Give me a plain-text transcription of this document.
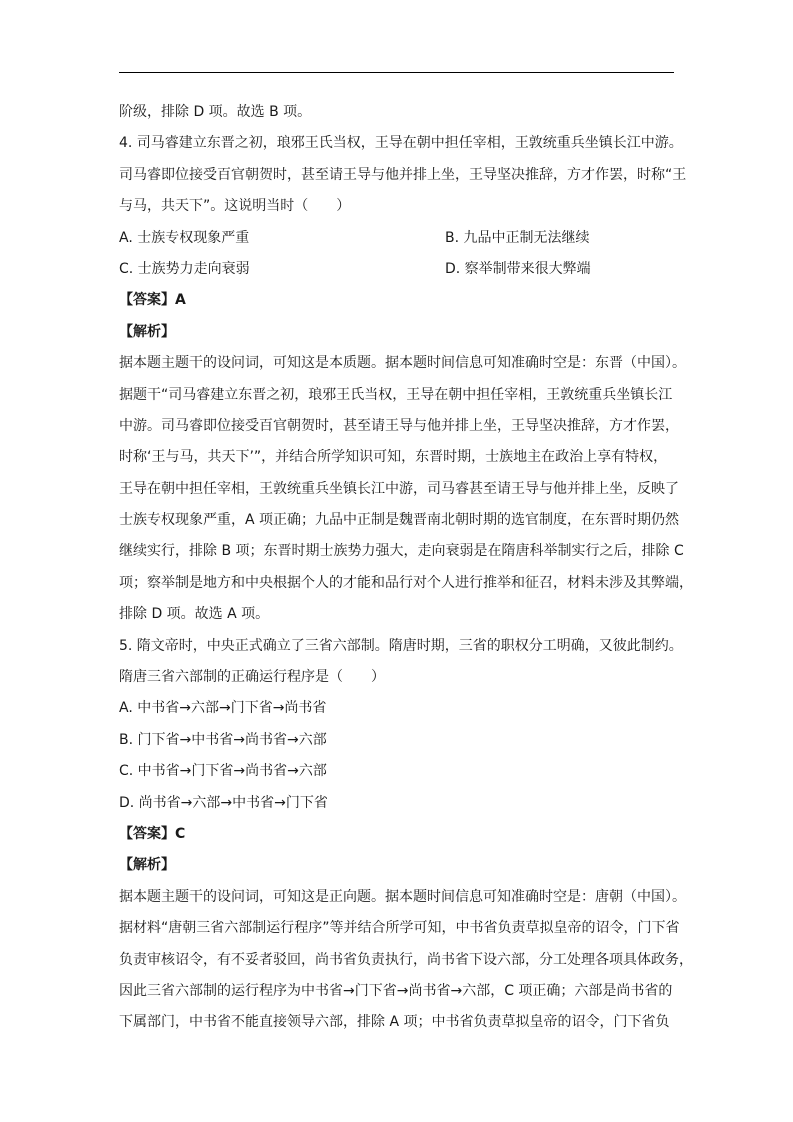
阶级，排除 D 项。故选 B 项。
4. 司马睿建立东晋之初，琅邪王氏当权，王导在朝中担任宰相，王敦统重兵坐镇长江中游。
司马睿即位接受百官朝贺时，甚至请王导与他并排上坐，王导坚决推辞，方才作罢，时称“王
与马，共天下”。这说明当时（　　）
A. 士族专权现象严重	B. 九品中正制无法继续
C. 士族势力走向衰弱	D. 察举制带来很大弊端
【答案】A
【解析】
据本题主题干的设问词，可知这是本质题。据本题时间信息可知准确时空是：东晋（中国）。
据题干“司马睿建立东晋之初，琅邪王氏当权，王导在朝中担任宰相，王敦统重兵坐镇长江
中游。司马睿即位接受百官朝贺时，甚至请王导与他并排上坐，王导坚决推辞，方才作罢，
时称‘王与马，共天下’”，并结合所学知识可知，东晋时期，士族地主在政治上享有特权，
王导在朝中担任宰相，王敦统重兵坐镇长江中游，司马睿甚至请王导与他并排上坐，反映了
士族专权现象严重，A 项正确；九品中正制是魏晋南北朝时期的选官制度，在东晋时期仍然
继续实行，排除 B 项；东晋时期士族势力强大，走向衰弱是在隋唐科举制实行之后，排除 C
项；察举制是地方和中央根据个人的才能和品行对个人进行推举和征召，材料未涉及其弊端，
排除 D 项。故选 A 项。
5. 隋文帝时，中央正式确立了三省六部制。隋唐时期，三省的职权分工明确，又彼此制约。
隋唐三省六部制的正确运行程序是（　　）
A. 中书省→六部→门下省→尚书省
B. 门下省→中书省→尚书省→六部
C. 中书省→门下省→尚书省→六部
D. 尚书省→六部→中书省→门下省
【答案】C
【解析】
据本题主题干的设问词，可知这是正向题。据本题时间信息可知准确时空是：唐朝（中国）。
据材料“唐朝三省六部制运行程序”等并结合所学可知，中书省负责草拟皇帝的诏令，门下省
负责审核诏令，有不妥者驳回，尚书省负责执行，尚书省下设六部，分工处理各项具体政务，
因此三省六部制的运行程序为中书省→门下省→尚书省→六部，C 项正确；六部是尚书省的
下属部门，中书省不能直接领导六部，排除 A 项；中书省负责草拟皇帝的诏令，门下省负
